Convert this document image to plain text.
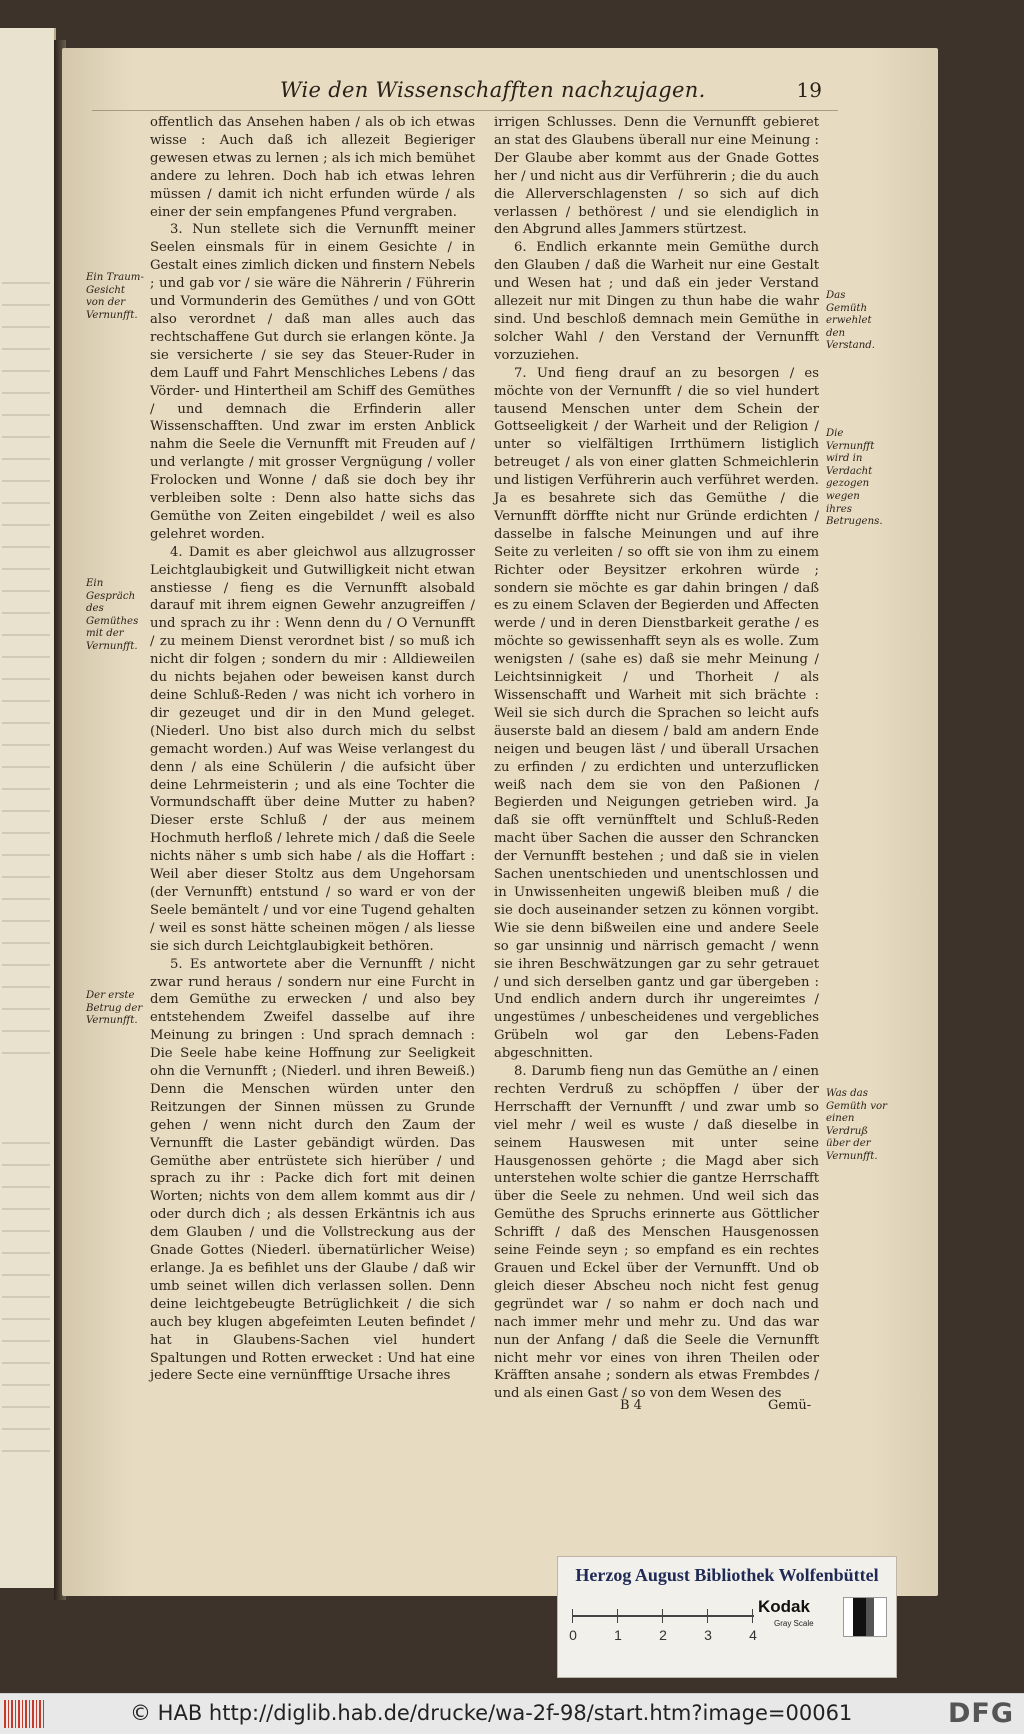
Wie den Wissenschafften nachzujagen.	19

offentlich das Ansehen haben / als ob ich etwas wisse : Auch daß ich allezeit Begieriger gewesen etwas zu lernen ; als ich mich bemühet andere zu lehren. Doch hab ich etwas lehren müssen / damit ich nicht erfunden würde / als einer der sein empfangenes Pfund vergraben.

3. Nun stellete sich die Vernunfft meiner Seelen einsmals für in einem Gesichte / in Gestalt eines zimlich dicken und finstern Nebels ; und gab vor / sie wäre die Nährerin / Führerin und Vormunderin des Gemüthes / und von GOtt also verordnet / daß man alles auch das rechtschaffene Gut durch sie erlangen könte. Ja sie versicherte / sie sey das Steuer-Ruder in dem Lauff und Fahrt Menschliches Lebens / das Vörder- und Hintertheil am Schiff des Gemüthes / und demnach die Erfinderin aller Wissenschafften. Und zwar im ersten Anblick nahm die Seele die Vernunfft mit Freuden auf / und verlangte / mit grosser Vergnügung / voller Frolocken und Wonne / daß sie doch bey ihr verbleiben solte : Denn also hatte sichs das Gemüthe von Zeiten eingebildet / weil es also gelehret worden.

4. Damit es aber gleichwol aus allzugrosser Leichtglaubigkeit und Gutwilligkeit nicht etwan anstiesse / fieng es die Vernunfft alsobald darauf mit ihrem eignen Gewehr anzugreiffen / und sprach zu ihr : Wenn denn du / O Vernunfft / zu meinem Dienst verordnet bist / so muß ich nicht dir folgen ; sondern du mir : Alldieweilen du nichts bejahen oder beweisen kanst durch deine Schluß-Reden / was nicht ich vorhero in dir gezeuget und dir in den Mund geleget. (Niederl. Uno bist also durch mich du selbst gemacht worden.) Auf was Weise verlangest du denn / als eine Schülerin / die aufsicht über deine Lehrmeisterin ; und als eine Tochter die Vormundschafft über deine Mutter zu haben? Dieser erste Schluß / der aus meinem Hochmuth herfloß / lehrete mich / daß die Seele nichts näher s umb sich habe / als die Hoffart : Weil aber dieser Stoltz aus dem Ungehorsam (der Vernunfft) entstund / so ward er von der Seele bemäntelt / und vor eine Tugend gehalten / weil es sonst hätte scheinen mögen / als liesse sie sich durch Leichtglaubigkeit bethören.

5. Es antwortete aber die Vernunfft / nicht zwar rund heraus / sondern nur eine Furcht in dem Gemüthe zu erwecken / und also bey entstehendem Zweifel dasselbe auf ihre Meinung zu bringen : Und sprach demnach : Die Seele habe keine Hoffnung zur Seeligkeit ohn die Vernunfft ; (Niederl. und ihren Beweiß.) Denn die Menschen würden unter den Reitzungen der Sinnen müssen zu Grunde gehen / wenn nicht durch den Zaum der Vernunfft die Laster gebändigt würden. Das Gemüthe aber entrüstete sich hierüber / und sprach zu ihr : Packe dich fort mit deinen Worten; nichts von dem allem kommt aus dir / oder durch dich ; als dessen Erkäntnis ich aus dem Glauben / und die Vollstreckung aus der Gnade Gottes (Niederl. übernatürlicher Weise) erlange. Ja es befihlet uns der Glaube / daß wir umb seinet willen dich verlassen sollen. Denn deine leichtgebeugte Betrüglichkeit / die sich auch bey klugen abgefeimten Leuten befindet / hat in Glaubens-Sachen viel hundert Spaltungen und Rotten erwecket : Und hat eine jedere Secte eine vernünfftige Ursache ihres

irrigen Schlusses. Denn die Vernunfft gebieret an stat des Glaubens überall nur eine Meinung : Der Glaube aber kommt aus der Gnade Gottes her / und nicht aus dir Verführerin ; die du auch die Allerverschlagensten / so sich auf dich verlassen / bethörest / und sie elendiglich in den Abgrund alles Jammers stürtzest.

6. Endlich erkannte mein Gemüthe durch den Glauben / daß die Warheit nur eine Gestalt und Wesen hat ; und daß ein jeder Verstand allezeit nur mit Dingen zu thun habe die wahr sind. Und beschloß demnach mein Gemüthe in solcher Wahl / den Verstand der Vernunfft vorzuziehen.

7. Und fieng drauf an zu besorgen / es möchte von der Vernunfft / die so viel hundert tausend Menschen unter dem Schein der Gottseeligkeit / der Warheit und der Religion / unter so vielfältigen Irrthümern listiglich betreuget / als von einer glatten Schmeichlerin und listigen Verführerin auch verführet werden. Ja es besahrete sich das Gemüthe / die Vernunfft dörffte nicht nur Gründe erdichten / dasselbe in falsche Meinungen und auf ihre Seite zu verleiten / so offt sie von ihm zu einem Richter oder Beysitzer erkohren würde ; sondern sie möchte es gar dahin bringen / daß es zu einem Sclaven der Begierden und Affecten werde / und in deren Dienstbarkeit gerathe / es möchte so gewissenhafft seyn als es wolle. Zum wenigsten / (sahe es) daß sie mehr Meinung / Leichtsinnigkeit / und Thorheit / als Wissenschafft und Warheit mit sich brächte : Weil sie sich durch die Sprachen so leicht aufs äuserste bald an diesem / bald am andern Ende neigen und beugen läst / und überall Ursachen zu erfinden / zu erdichten und unterzuflicken weiß nach dem sie von den Paßionen / Begierden und Neigungen getrieben wird. Ja daß sie offt vernünfftelt und Schluß-Reden macht über Sachen die ausser den Schrancken der Vernunfft bestehen ; und daß sie in vielen Sachen unentschieden und unentschlossen und in Unwissenheiten ungewiß bleiben muß / die sie doch auseinander setzen zu können vorgibt. Wie sie denn bißweilen eine und andere Seele so gar unsinnig und närrisch gemacht / wenn sie ihren Beschwätzungen gar zu sehr getrauet / und sich derselben gantz und gar übergeben : Und endlich andern durch ihr ungereimtes / ungestümes / unbescheidenes und vergebliches Grübeln wol gar den Lebens-Faden abgeschnitten.

8. Darumb fieng nun das Gemüthe an / einen rechten Verdruß zu schöpffen / über der Herrschafft der Vernunfft / und zwar umb so viel mehr / weil es wuste / daß dieselbe in seinem Hauswesen mit unter seine Hausgenossen gehörte ; die Magd aber sich unterstehen wolte schier die gantze Herrschafft über die Seele zu nehmen. Und weil sich das Gemüthe des Spruchs erinnerte aus Göttlicher Schrifft / daß des Menschen Hausgenossen seine Feinde seyn ; so empfand es ein rechtes Grauen und Eckel über der Vernunfft. Und ob gleich dieser Abscheu noch nicht fest genug gegründet war / so nahm er doch nach und nach immer mehr und mehr zu. Und das war nun der Anfang / daß die Seele die Vernunfft nicht mehr vor eines von ihren Theilen oder Kräfften ansahe ; sondern als etwas Frembdes / und als einen Gast / so von dem Wesen des

Ein Traum-Gesicht von der Vernunfft.
Ein Gespräch des Gemüthes mit der Vernunfft.
Der erste Betrug der Vernunfft.
Das Gemüth erwehlet den Verstand.
Die Vernunfft wird in Verdacht gezogen wegen ihres Betrugens.
Was das Gemüth vor einen Verdruß über der Vernunfft.
B 4	Gemü-
Herzog August Bibliothek Wolfenbüttel
0	1	2	3	4
Kodak
Gray Scale
© HAB http://diglib.hab.de/drucke/wa-2f-98/start.htm?image=00061	DFG
